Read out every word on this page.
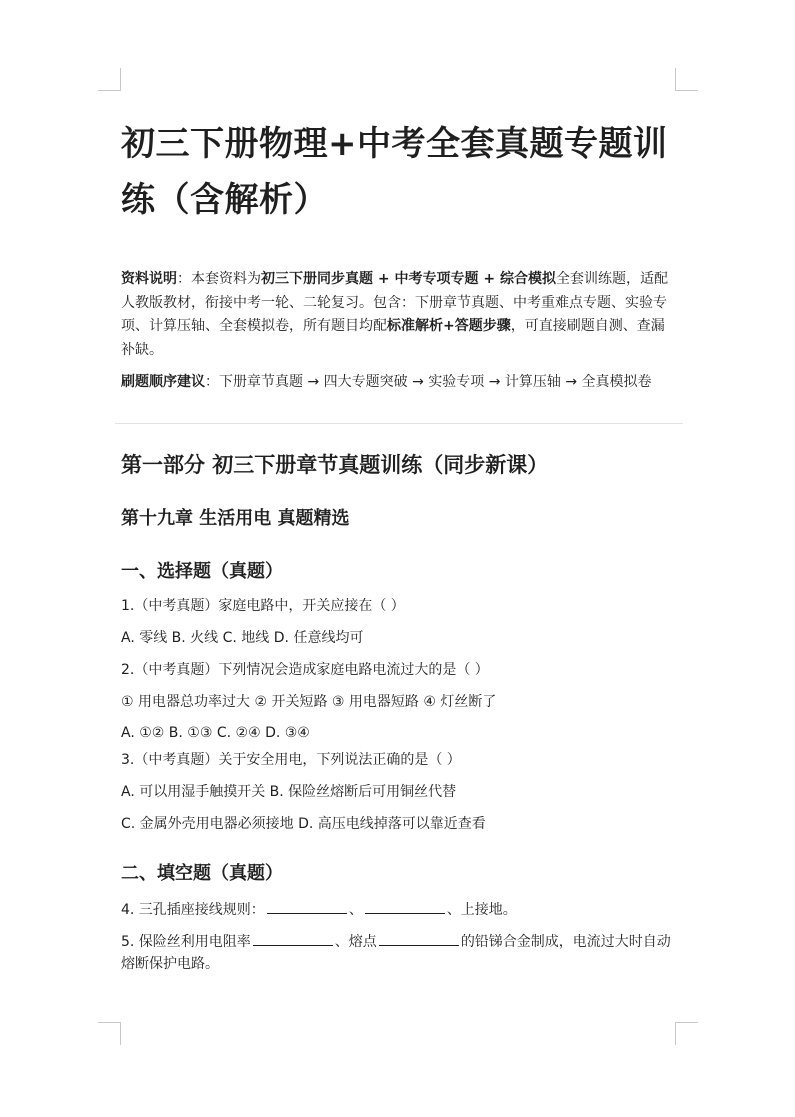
初三下册物理+中考全套真题专题训练（含解析）

资料说明：本套资料为初三下册同步真题 + 中考专项专题 + 综合模拟全套训练题，适配人教版教材，衔接中考一轮、二轮复习。包含：下册章节真题、中考重难点专题、实验专项、计算压轴、全套模拟卷，所有题目均配标准解析+答题步骤，可直接刷题自测、查漏补缺。

刷题顺序建议：下册章节真题 → 四大专题突破 → 实验专项 → 计算压轴 → 全真模拟卷

第一部分 初三下册章节真题训练（同步新课）
第十九章 生活用电 真题精选
一、选择题（真题）

1.（中考真题）家庭电路中，开关应接在（ ）

A. 零线 B. 火线 C. 地线 D. 任意线均可

2.（中考真题）下列情况会造成家庭电路电流过大的是（ ）

① 用电器总功率过大 ② 开关短路 ③ 用电器短路 ④ 灯丝断了

A. ①② B. ①③ C. ②④ D. ③④

3.（中考真题）关于安全用电，下列说法正确的是（ ）

A. 可以用湿手触摸开关 B. 保险丝熔断后可用铜丝代替

C. 金属外壳用电器必须接地 D. 高压电线掉落可以靠近查看

二、填空题（真题）

4. 三孔插座接线规则：	、	、上接地。

5. 保险丝利用电阻率	、熔点	的铅锑合金制成，电流过大时自动熔断保护电路。
